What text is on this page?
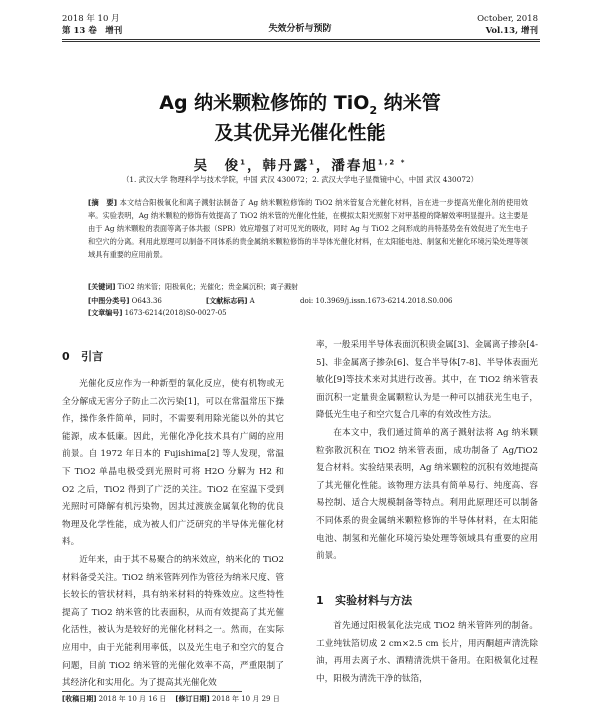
2018 年 10 月
第 13 卷　增刊	失效分析与预防
October, 2018
Vol.13, 增刊
Ag 纳米颗粒修饰的 TiO$_2$ 纳米管
及其优异光催化性能
吴　俊$^1$，韩丹露$^1$，潘春旭$^{1,2 *}$
（1. 武汉大学 物理科学与技术学院，中国 武汉 430072；2. 武汉大学电子显微镜中心，中国 武汉 430072）
[摘　要] 本文结合阳极氧化和离子溅射法制备了 Ag 纳米颗粒修饰的 TiO2 纳米管复合光催化材料，旨在进一步提高光催化剂的使用效率。实验表明，Ag 纳米颗粒的修饰有效提高了 TiO2 纳米管的光催化性能，在模拟太阳光照射下对甲基橙的降解效率明显提升。这主要是由于 Ag 纳米颗粒的表面等离子体共振（SPR）效应增强了对可见光的吸收，同时 Ag 与 TiO2 之间形成的肖特基势垒有效促进了光生电子和空穴的分离。利用此原理可以制备不同体系的贵金属纳米颗粒修饰的半导体光催化材料，在太阳能电池、制氢和光催化环境污染处理等领域具有重要的应用前景。
[关键词] TiO2 纳米管；阳极氧化；光催化；贵金属沉积；离子溅射
[中图分类号] O643.36	[文献标志码] A	doi: 10.3969/j.issn.1673-6214.2018.S0.006
[文章编号] 1673-6214(2018)S0-0027-05
0 引言

光催化反应作为一种新型的氧化反应，使有机物或无全分解成无害分子防止二次污染[1]，可以在常温常压下操作，操作条件简单，同时，不需要利用除光能以外的其它能源，成本低廉。因此，光催化净化技术具有广阔的应用前景。自 1972 年日本的 Fujishima[2] 等人发现，常温下 TiO2 单晶电极受到光照时可将 H2O 分解为 H2 和 O2 之后，TiO2 得到了广泛的关注。TiO2 在室温下受到光照时可降解有机污染物，因其过渡族金属氧化物的优良物理及化学性能，成为被人们广泛研究的半导体光催化材料。

近年来，由于其不易聚合的纳米效应，纳米化的 TiO2 材料备受关注。TiO2 纳米管阵列作为管径为纳米尺度、管长较长的管状材料，具有纳米材料的特殊效应。这些特性提高了 TiO2 纳米管的比表面积，从而有效提高了其光催化活性，被认为是较好的光催化材料之一。然而，在实际应用中，由于光能利用率低，以及光生电子和空穴的复合问题，目前 TiO2 纳米管的光催化效率不高，严重限制了其经济化和实用化。为了提高其光催化效

率，一般采用半导体表面沉积贵金属[3]、金属离子掺杂[4-5]、非金属离子掺杂[6]、复合半导体[7-8]、半导体表面光敏化[9]等技术来对其进行改善。其中，在 TiO2 纳米管表面沉积一定量贵金属颗粒认为是一种可以捕获光生电子，降低光生电子和空穴复合几率的有效改性方法。

在本文中，我们通过简单的离子溅射法将 Ag 纳米颗粒弥散沉积在 TiO2 纳米管表面，成功制备了 Ag/TiO2 复合材料。实验结果表明，Ag 纳米颗粒的沉积有效地提高了其光催化性能。该物理方法具有简单易行、纯度高、容易控制、适合大规模制备等特点。利用此原理还可以制备不同体系的贵金属纳米颗粒修饰的半导体材料，在太阳能电池、制氢和光催化环境污染处理等领域具有重要的应用前景。

1 实验材料与方法

首先通过阳极氧化法完成 TiO2 纳米管阵列的制备。工业纯钛箔切成 2 cm×2.5 cm 长片，用丙酮超声清洗除油，再用去离子水、酒精清洗烘干备用。在阳极氧化过程中，阳极为清洗干净的钛箔，

[收稿日期] 2018 年 10 月 16 日 [修订日期] 2018 年 10 月 29 日
